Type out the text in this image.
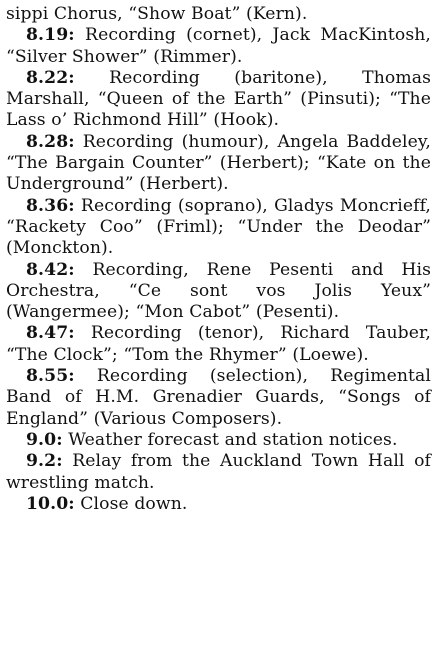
sippi Chorus, “Show Boat” (Kern).

8.19: Recording (cornet), Jack MacKintosh, “Silver Shower” (Rimmer).

8.22: Recording (baritone), Thomas Marshall, “Queen of the Earth” (Pinsuti); “The Lass o’ Richmond Hill” (Hook).

8.28: Recording (humour), Angela Baddeley, “The Bargain Counter” (Herbert); “Kate on the Underground” (Herbert).

8.36: Recording (soprano), Gladys Moncrieff, “Rackety Coo” (Friml); “Under the Deodar” (Monckton).

8.42: Recording, Rene Pesenti and His Orchestra, “Ce sont vos Jolis Yeux” (Wangermee); “Mon Cabot” (Pesenti).

8.47: Recording (tenor), Richard Tauber, “The Clock”; “Tom the Rhymer” (Loewe).

8.55: Recording (selection), Regimental Band of H.M. Grenadier Guards, “Songs of England” (Various Composers).

9.0: Weather forecast and station notices.

9.2: Relay from the Auckland Town Hall of wrestling match.

10.0: Close down.
